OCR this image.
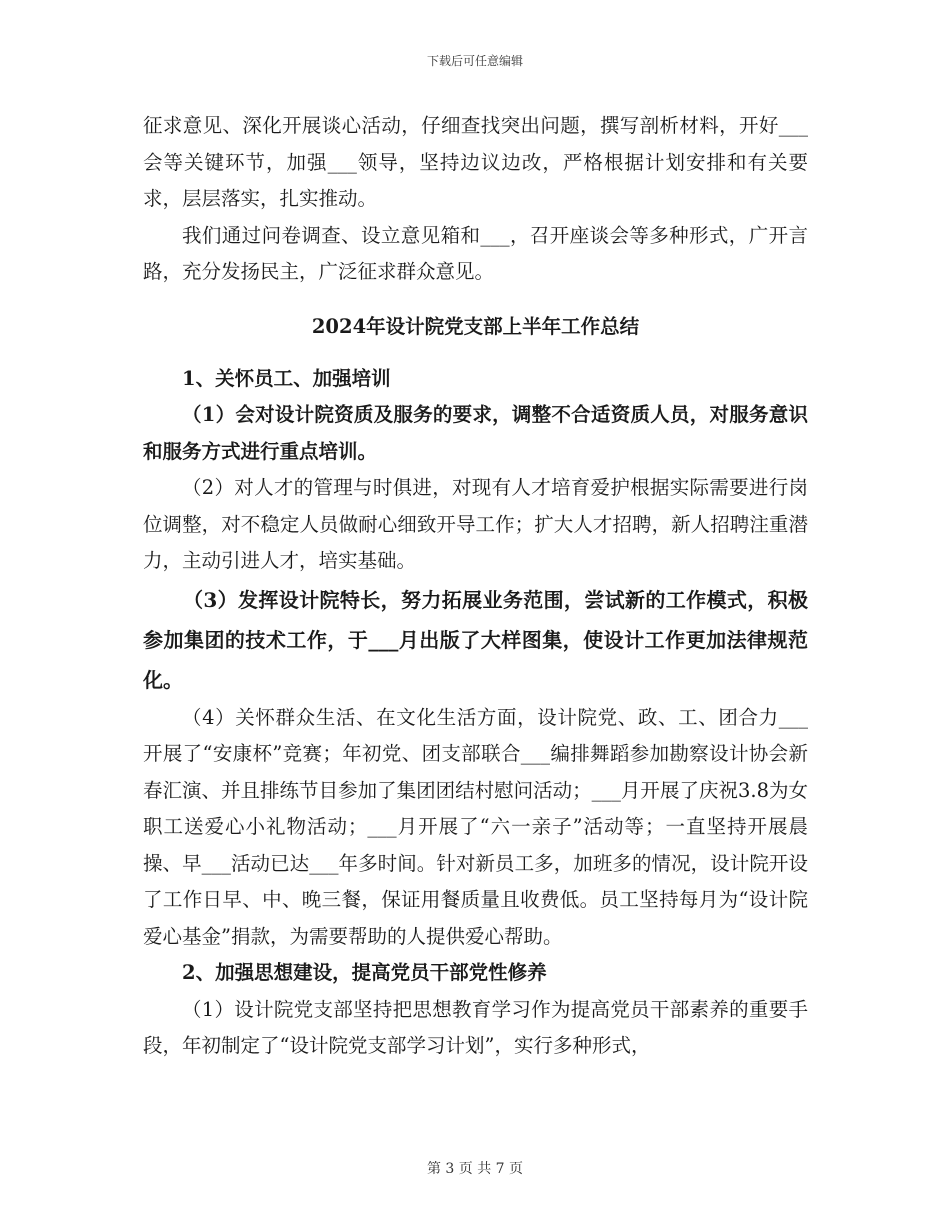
下载后可任意编辑

征求意见、深化开展谈心活动，仔细查找突出问题，撰写剖析材料，开好___会等关键环节，加强___领导，坚持边议边改，严格根据计划安排和有关要求，层层落实，扎实推动。

我们通过问卷调查、设立意见箱和___，召开座谈会等多种形式，广开言路，充分发扬民主，广泛征求群众意见。

2024年设计院党支部上半年工作总结

1、关怀员工、加强培训

（1）会对设计院资质及服务的要求，调整不合适资质人员，对服务意识和服务方式进行重点培训。

（2）对人才的管理与时俱进，对现有人才培育爱护根据实际需要进行岗位调整，对不稳定人员做耐心细致开导工作；扩大人才招聘，新人招聘注重潜力，主动引进人才，培实基础。

（3）发挥设计院特长，努力拓展业务范围，尝试新的工作模式，积极参加集团的技术工作，于___月出版了大样图集，使设计工作更加法律规范化。

（4）关怀群众生活、在文化生活方面，设计院党、政、工、团合力___开展了“安康杯”竞赛；年初党、团支部联合___编排舞蹈参加勘察设计协会新春汇演、并且排练节目参加了集团团结村慰问活动；___月开展了庆祝3.8为女职工送爱心小礼物活动；___月开展了“六一亲子”活动等；一直坚持开展晨操、早___活动已达___年多时间。针对新员工多，加班多的情况，设计院开设了工作日早、中、晚三餐，保证用餐质量且收费低。员工坚持每月为“设计院爱心基金”捐款，为需要帮助的人提供爱心帮助。

2、加强思想建设，提高党员干部党性修养

（1）设计院党支部坚持把思想教育学习作为提高党员干部素养的重要手段，年初制定了“设计院党支部学习计划”，实行多种形式，

第 3 页 共 7 页
